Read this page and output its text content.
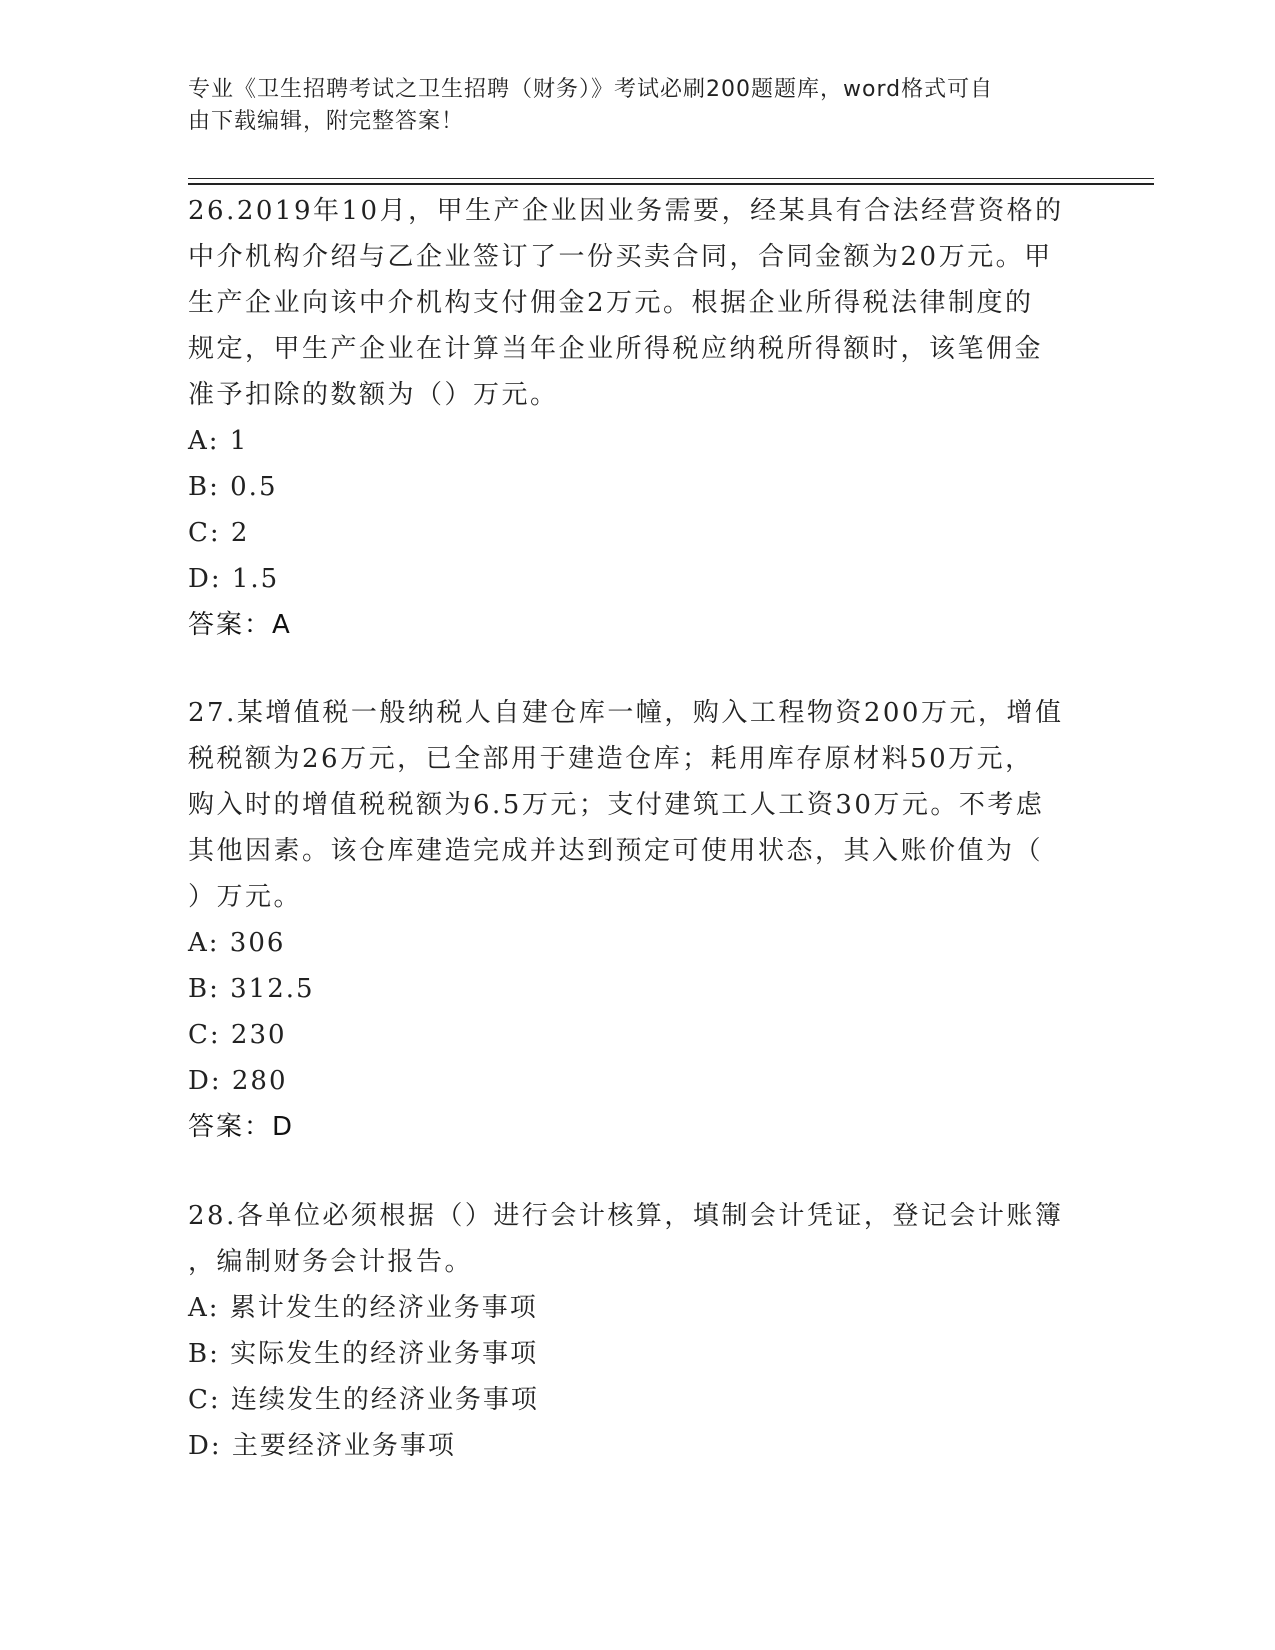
专业《卫生招聘考试之卫生招聘（财务）》考试必刷200题题库，word格式可自
由下载编辑，附完整答案！

26.2019年10月，甲生产企业因业务需要，经某具有合法经营资格的

中介机构介绍与乙企业签订了一份买卖合同，合同金额为20万元。甲

生产企业向该中介机构支付佣金2万元。根据企业所得税法律制度的

规定，甲生产企业在计算当年企业所得税应纳税所得额时，该笔佣金

准予扣除的数额为（）万元。

A: 1

B: 0.5

C: 2

D: 1.5

答案：A

27.某增值税一般纳税人自建仓库一幢，购入工程物资200万元，增值

税税额为26万元，已全部用于建造仓库；耗用库存原材料50万元，

购入时的增值税税额为6.5万元；支付建筑工人工资30万元。不考虑

其他因素。该仓库建造完成并达到预定可使用状态，其入账价值为（

）万元。

A: 306

B: 312.5

C: 230

D: 280

答案：D

28.各单位必须根据（）进行会计核算，填制会计凭证，登记会计账簿

，编制财务会计报告。

A: 累计发生的经济业务事项

B: 实际发生的经济业务事项

C: 连续发生的经济业务事项

D: 主要经济业务事项
